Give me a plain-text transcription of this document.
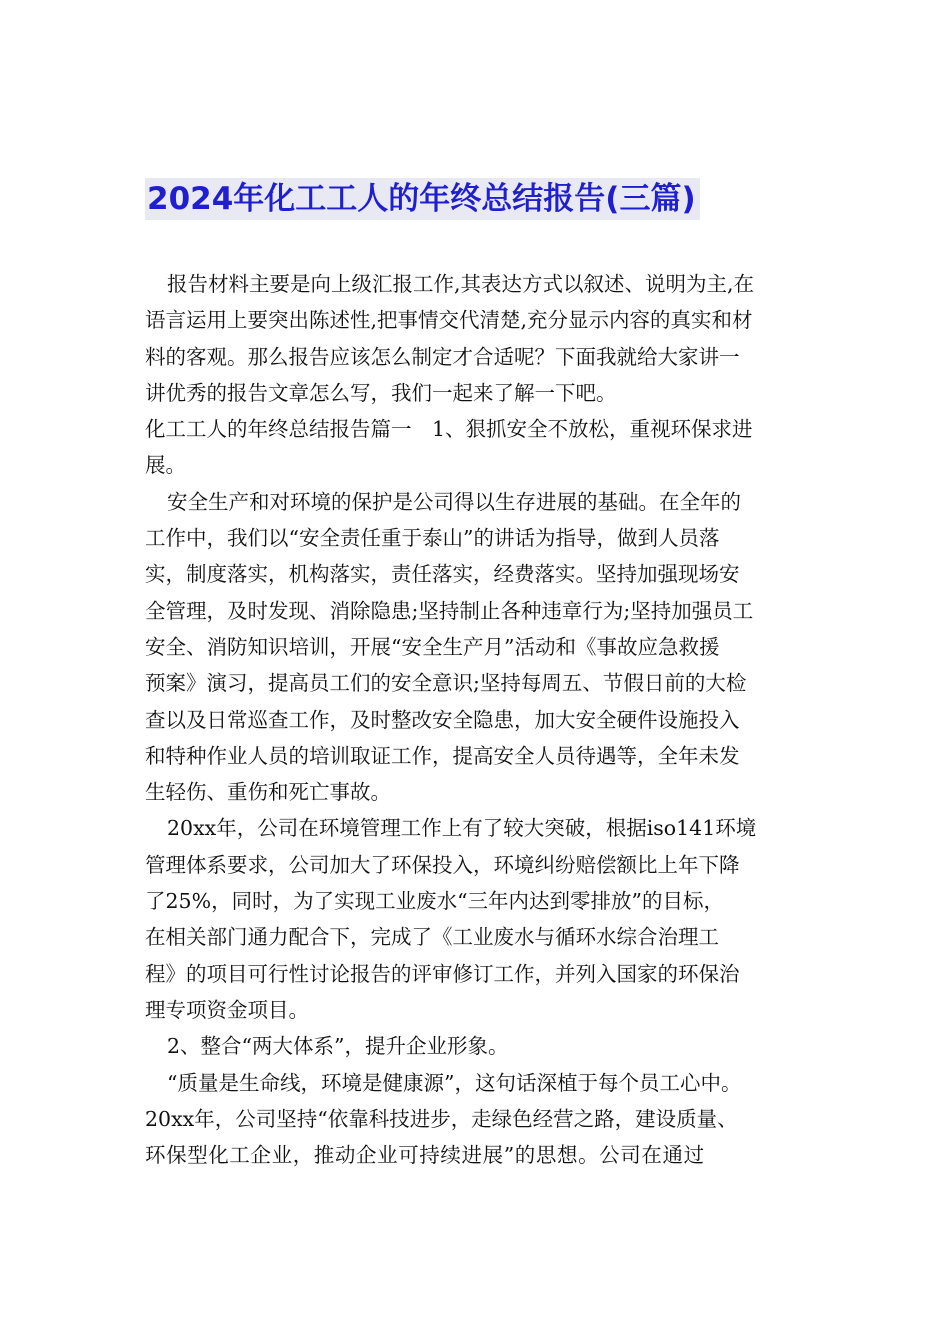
2024年化工工人的年终总结报告(三篇)
报告材料主要是向上级汇报工作,其表达方式以叙述、说明为主,在
语言运用上要突出陈述性,把事情交代清楚,充分显示内容的真实和材
料的客观。那么报告应该怎么制定才合适呢？下面我就给大家讲一
讲优秀的报告文章怎么写，我们一起来了解一下吧。
化工工人的年终总结报告篇一　1、狠抓安全不放松，重视环保求进
展。
安全生产和对环境的保护是公司得以生存进展的基础。在全年的
工作中，我们以“安全责任重于泰山”的讲话为指导，做到人员落
实，制度落实，机构落实，责任落实，经费落实。坚持加强现场安
全管理，及时发现、消除隐患;坚持制止各种违章行为;坚持加强员工
安全、消防知识培训，开展“安全生产月”活动和《事故应急救援
预案》演习，提高员工们的安全意识;坚持每周五、节假日前的大检
查以及日常巡查工作，及时整改安全隐患，加大安全硬件设施投入
和特种作业人员的培训取证工作，提高安全人员待遇等，全年未发
生轻伤、重伤和死亡事故。
20xx年，公司在环境管理工作上有了较大突破，根据iso141环境
管理体系要求，公司加大了环保投入，环境纠纷赔偿额比上年下降
了25%，同时，为了实现工业废水“三年内达到零排放”的目标，
在相关部门通力配合下，完成了《工业废水与循环水综合治理工
程》的项目可行性讨论报告的评审修订工作，并列入国家的环保治
理专项资金项目。
2、整合“两大体系”，提升企业形象。
“质量是生命线，环境是健康源”，这句话深植于每个员工心中。
20xx年，公司坚持“依靠科技进步，走绿色经营之路，建设质量、
环保型化工企业，推动企业可持续进展”的思想。公司在通过
